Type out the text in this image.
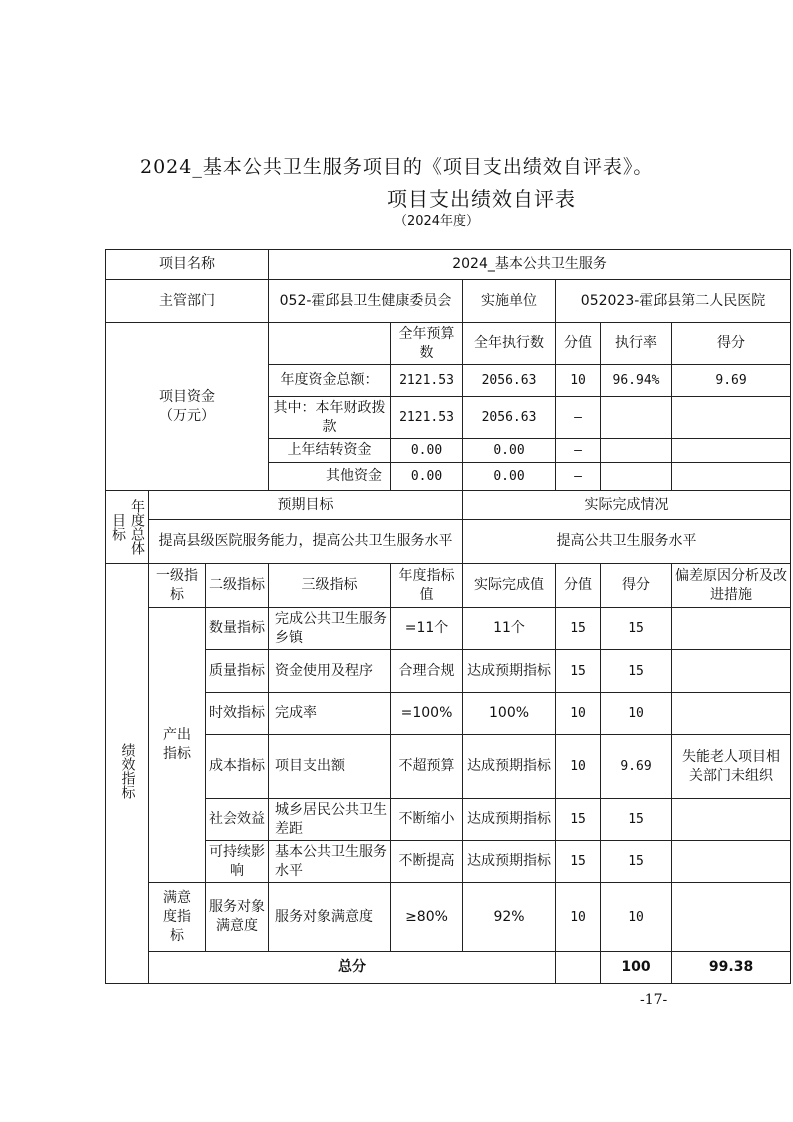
2024_基本公共卫生服务项目的《项目支出绩效自评表》。
项目支出绩效自评表
（2024年度）
项目名称			2024_基本公共卫生服务						
主管部门			052-霍邱县卫生健康委员会		实施单位	052023-霍邱县第二人民医院			
项目资金（万元）				全年预算数	全年执行数	分值	执行率	得分	
			年度资金总额：	2121.53	2056.63	10	96.94%	9.69	
			其中：本年财政拨款	2121.53	2056.63	—			
			上年结转资金	0.00	0.00	—			
			其他资金	0.00	0.00	—			

目标 年度总体	预期目标				实际完成情况				
	提高县级医院服务能力，提高公共卫生服务水平				提高公共卫生服务水平				
绩效指标	一级指标	二级指标	三级指标	年度指标值	实际完成值	分值	得分	偏差原因分析及改进措施	
	产出指标	数量指标	完成公共卫生服务乡镇	=11个	11个	15	15		
		质量指标	资金使用及程序	合理合规	达成预期指标	15	15		
		时效指标	完成率	=100%	100%	10	10		
		成本指标	项目支出额	不超预算	达成预期指标	10	9.69	失能老人项目相关部门未组织	
		社会效益	城乡居民公共卫生差距	不断缩小	达成预期指标	15	15		
		可持续影响	基本公共卫生服务水平	不断提高	达成预期指标	15	15		
	满意度指标	服务对象满意度	服务对象满意度	≥80%	92%	10	10		
	总分						100	99.38	
-17-
